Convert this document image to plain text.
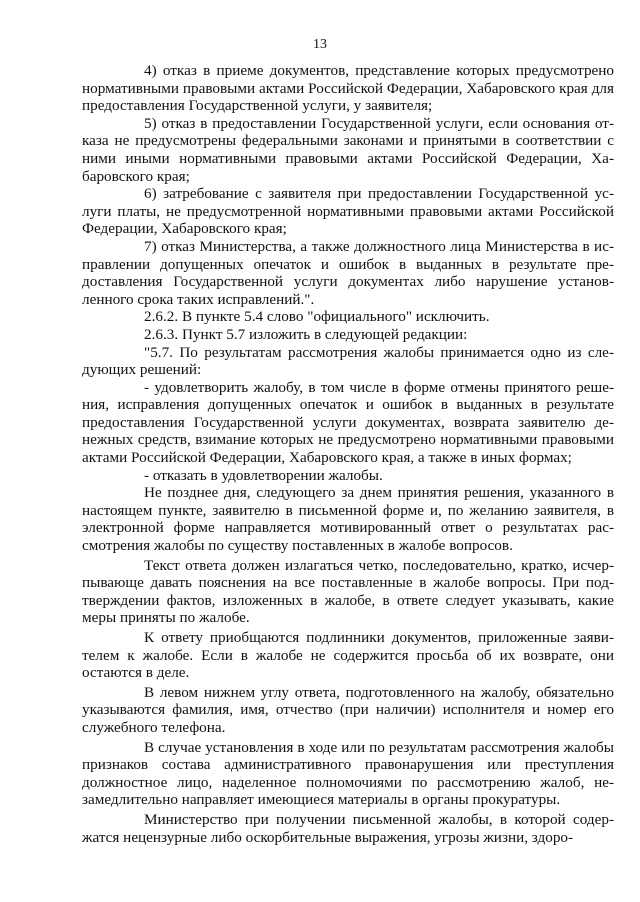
13

4) отказ в приеме документов, представление которых предусмотрено нормативными правовыми актами Российской Федерации, Хабаровского края для предоставления Государственной услуги, у заявителя;

5) отказ в предоставлении Государственной услуги, если основания отказа не предусмотрены федеральными законами и принятыми в соответствии с ними иными нормативными правовыми актами Российской Федерации, Хабаровского края;

6) затребование с заявителя при предоставлении Государственной услуги платы, не предусмотренной нормативными правовыми актами Российской Федерации, Хабаровского края;

7) отказ Министерства, а также должностного лица Министерства в исправлении допущенных опечаток и ошибок в выданных в результате предоставления Государственной услуги документах либо нарушение установленного срока таких исправлений.".

2.6.2. В пункте 5.4 слово "официального" исключить.

2.6.3. Пункт 5.7 изложить в следующей редакции:

"5.7. По результатам рассмотрения жалобы принимается одно из следующих решений:

- удовлетворить жалобу, в том числе в форме отмены принятого решения, исправления допущенных опечаток и ошибок в выданных в результате предоставления Государственной услуги документах, возврата заявителю денежных средств, взимание которых не предусмотрено нормативными правовыми актами Российской Федерации, Хабаровского края, а также в иных формах;

- отказать в удовлетворении жалобы.

Не позднее дня, следующего за днем принятия решения, указанного в настоящем пункте, заявителю в письменной форме и, по желанию заявителя, в электронной форме направляется мотивированный ответ о результатах рассмотрения жалобы по существу поставленных в жалобе вопросов.

Текст ответа должен излагаться четко, последовательно, кратко, исчерпывающе давать пояснения на все поставленные в жалобе вопросы. При подтверждении фактов, изложенных в жалобе, в ответе следует указывать, какие меры приняты по жалобе.

К ответу приобщаются подлинники документов, приложенные заявителем к жалобе. Если в жалобе не содержится просьба об их возврате, они остаются в деле.

В левом нижнем углу ответа, подготовленного на жалобу, обязательно указываются фамилия, имя, отчество (при наличии) исполнителя и номер его служебного телефона.

В случае установления в ходе или по результатам рассмотрения жалобы признаков состава административного правонарушения или преступления должностное лицо, наделенное полномочиями по рассмотрению жалоб, незамедлительно направляет имеющиеся материалы в органы прокуратуры.

Министерство при получении письменной жалобы, в которой содержатся нецензурные либо оскорбительные выражения, угрозы жизни, здоро-
